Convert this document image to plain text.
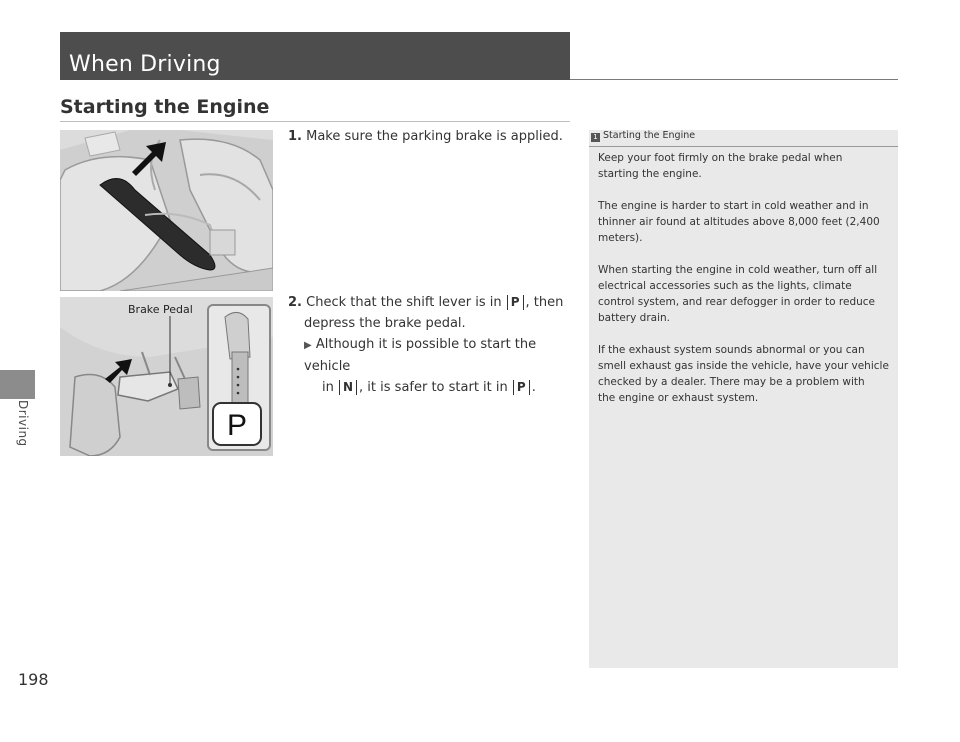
Driving
198
When Driving
Starting the Engine
P
Brake Pedal
1. Make sure the parking brake is applied.
2. Check that the shift lever is in P , then
depress the brake pedal.
▶ Although it is possible to start the vehicle
in N , it is safer to start it in P .
1 Starting the Engine
Keep your foot firmly on the brake pedal when
starting the engine.
The engine is harder to start in cold weather and in
thinner air found at altitudes above 8,000 feet (2,400
meters).
When starting the engine in cold weather, turn off all
electrical accessories such as the lights, climate
control system, and rear defogger in order to reduce
battery drain.
If the exhaust system sounds abnormal or you can
smell exhaust gas inside the vehicle, have your vehicle
checked by a dealer. There may be a problem with
the engine or exhaust system.
